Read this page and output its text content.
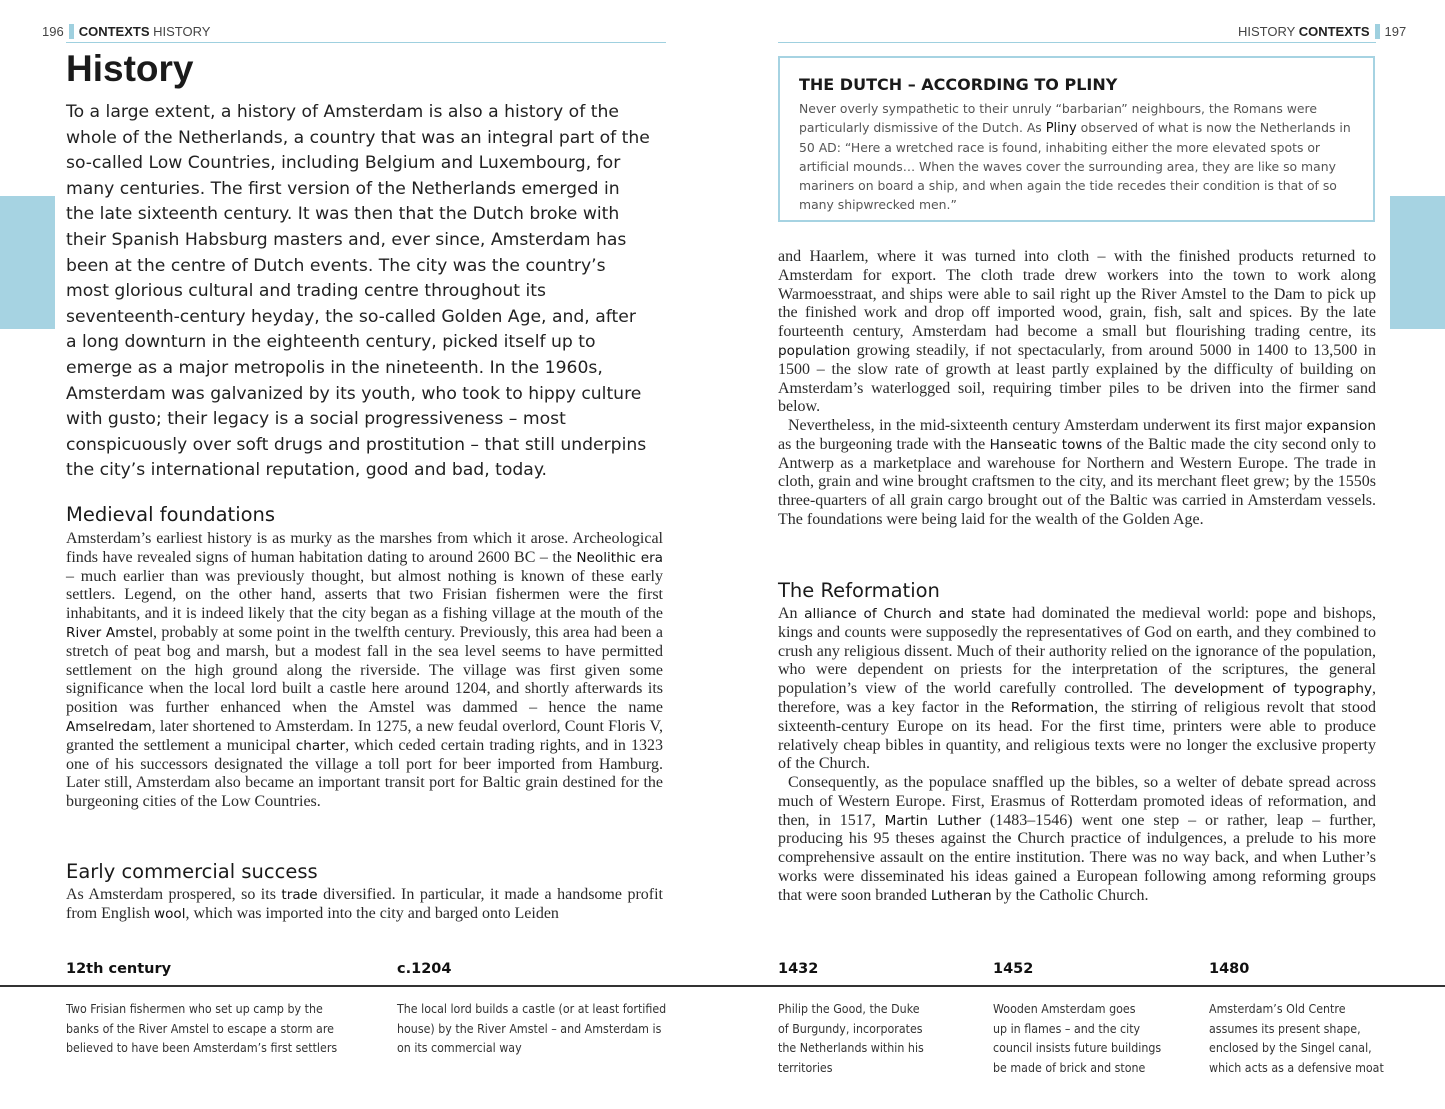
196 CONTEXTS HISTORY	HISTORY CONTEXTS 197
History

To a large extent, a history of Amsterdam is also a history of the whole of the Netherlands, a country that was an integral part of the so-called Low Countries, including Belgium and Luxembourg, for many centuries. The first version of the Netherlands emerged in the late sixteenth century. It was then that the Dutch broke with their Spanish Habsburg masters and, ever since, Amsterdam has been at the centre of Dutch events. The city was the country’s most glorious cultural and trading centre throughout its seventeenth-century heyday, the so-called Golden Age, and, after a long downturn in the eighteenth century, picked itself up to emerge as a major metropolis in the nineteenth. In the 1960s, Amsterdam was galvanized by its youth, who took to hippy culture with gusto; their legacy is a social progressiveness – most conspicuously over soft drugs and prostitution – that still underpins the city’s international reputation, good and bad, today.

Medieval foundations

Amsterdam’s earliest history is as murky as the marshes from which it arose. Archeological finds have revealed signs of human habitation dating to around 2600 BC – the Neolithic era – much earlier than was previously thought, but almost nothing is known of these early settlers. Legend, on the other hand, asserts that two Frisian fishermen were the first inhabitants, and it is indeed likely that the city began as a fishing village at the mouth of the River Amstel, probably at some point in the twelfth century. Previously, this area had been a stretch of peat bog and marsh, but a modest fall in the sea level seems to have permitted settlement on the high ground along the riverside. The village was first given some significance when the local lord built a castle here around 1204, and shortly afterwards its position was further enhanced when the Amstel was dammed – hence the name Amselredam, later shortened to Amsterdam. In 1275, a new feudal overlord, Count Floris V, granted the settlement a municipal charter, which ceded certain trading rights, and in 1323 one of his successors designated the village a toll port for beer imported from Hamburg. Later still, Amsterdam also became an important transit port for Baltic grain destined for the burgeoning cities of the Low Countries.

Early commercial success

As Amsterdam prospered, so its trade diversified. In particular, it made a handsome profit from English wool, which was imported into the city and barged onto Leiden

THE DUTCH – ACCORDING TO PLINY

Never overly sympathetic to their unruly “barbarian” neighbours, the Romans were particularly dismissive of the Dutch. As Pliny observed of what is now the Netherlands in 50 AD: “Here a wretched race is found, inhabiting either the more elevated spots or artificial mounds… When the waves cover the surrounding area, they are like so many mariners on board a ship, and when again the tide recedes their condition is that of so many shipwrecked men.”

and Haarlem, where it was turned into cloth – with the finished products returned to Amsterdam for export. The cloth trade drew workers into the town to work along Warmoesstraat, and ships were able to sail right up the River Amstel to the Dam to pick up the finished work and drop off imported wood, grain, fish, salt and spices. By the late fourteenth century, Amsterdam had become a small but flourishing trading centre, its population growing steadily, if not spectacularly, from around 5000 in 1400 to 13,500 in 1500 – the slow rate of growth at least partly explained by the difficulty of building on Amsterdam’s waterlogged soil, requiring timber piles to be driven into the firmer sand below.

Nevertheless, in the mid-sixteenth century Amsterdam underwent its first major expansion as the burgeoning trade with the Hanseatic towns of the Baltic made the city second only to Antwerp as a marketplace and warehouse for Northern and Western Europe. The trade in cloth, grain and wine brought craftsmen to the city, and its merchant fleet grew; by the 1550s three-quarters of all grain cargo brought out of the Baltic was carried in Amsterdam vessels. The foundations were being laid for the wealth of the Golden Age.

The Reformation

An alliance of Church and state had dominated the medieval world: pope and bishops, kings and counts were supposedly the representatives of God on earth, and they combined to crush any religious dissent. Much of their authority relied on the ignorance of the population, who were dependent on priests for the interpretation of the scriptures, the general population’s view of the world carefully controlled. The development of typography, therefore, was a key factor in the Reformation, the stirring of religious revolt that stood sixteenth-century Europe on its head. For the first time, printers were able to produce relatively cheap bibles in quantity, and religious texts were no longer the exclusive property of the Church.

Consequently, as the populace snaffled up the bibles, so a welter of debate spread across much of Western Europe. First, Erasmus of Rotterdam promoted ideas of reformation, and then, in 1517, Martin Luther (1483–1546) went one step – or rather, leap – further, producing his 95 theses against the Church practice of indulgences, a prelude to his more comprehensive assault on the entire institution. There was no way back, and when Luther’s works were disseminated his ideas gained a European following among reforming groups that were soon branded Lutheran by the Catholic Church.

12th century
Two Frisian fishermen who set up camp by the
banks of the River Amstel to escape a storm are
believed to have been Amsterdam’s first settlers
c.1204
The local lord builds a castle (or at least fortified
house) by the River Amstel – and Amsterdam is
on its commercial way
1432
Philip the Good, the Duke
of Burgundy, incorporates
the Netherlands within his
territories
1452
Wooden Amsterdam goes
up in flames – and the city
council insists future buildings
be made of brick and stone
1480
Amsterdam’s Old Centre
assumes its present shape,
enclosed by the Singel canal,
which acts as a defensive moat
